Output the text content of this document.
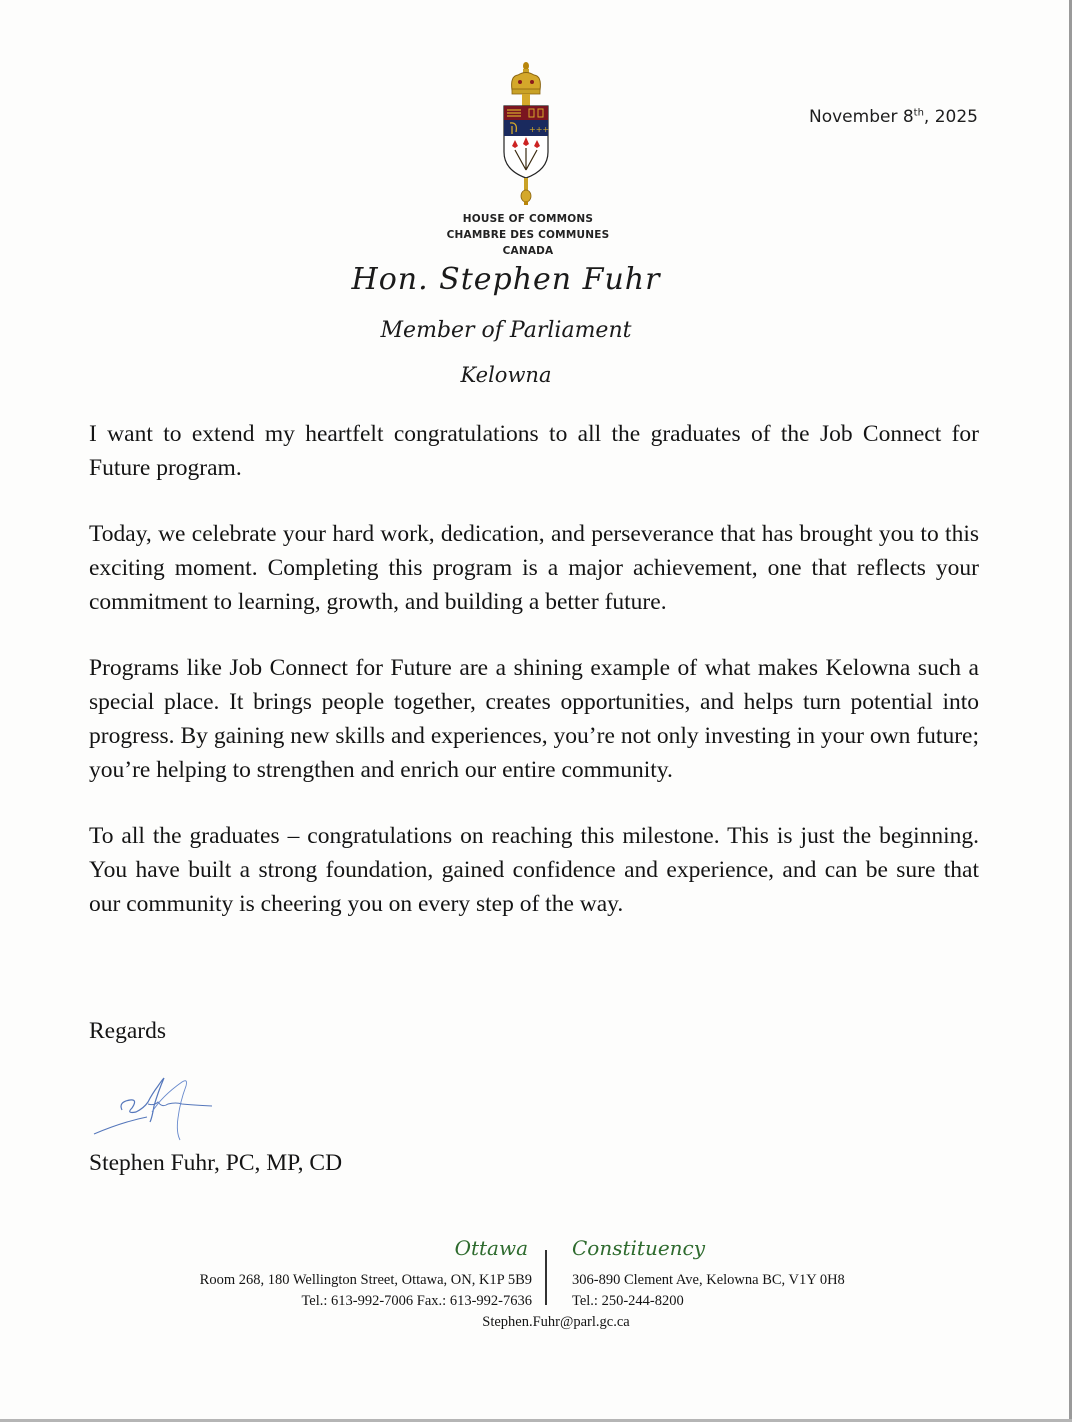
+++
HOUSE OF COMMONS
CHAMBRE DES COMMUNES
CANADA
November 8th, 2025
Hon. Stephen Fuhr
Member of Parliament
Kelowna

I want to extend my heartfelt congratulations to all the graduates of the Job Connect for Future program.

Today, we celebrate your hard work, dedication, and perseverance that has brought you to this exciting moment. Completing this program is a major achievement, one that reflects your commitment to learning, growth, and building a better future.

Programs like Job Connect for Future are a shining example of what makes Kelowna such a special place. It brings people together, creates opportunities, and helps turn potential into progress. By gaining new skills and experiences, you’re not only investing in your own future; you’re helping to strengthen and enrich our entire community.

To all the graduates – congratulations on reaching this milestone. This is just the beginning. You have built a strong foundation, gained confidence and experience, and can be sure that our community is cheering you on every step of the way.

Regards
Stephen Fuhr, PC, MP, CD
Ottawa Constituency
Room 268, 180 Wellington Street, Ottawa, ON, K1P 5B9
Tel.: 613-992-7006 Fax.: 613-992-7636
306-890 Clement Ave, Kelowna BC, V1Y 0H8
Tel.: 250-244-8200
Stephen.Fuhr@parl.gc.ca
